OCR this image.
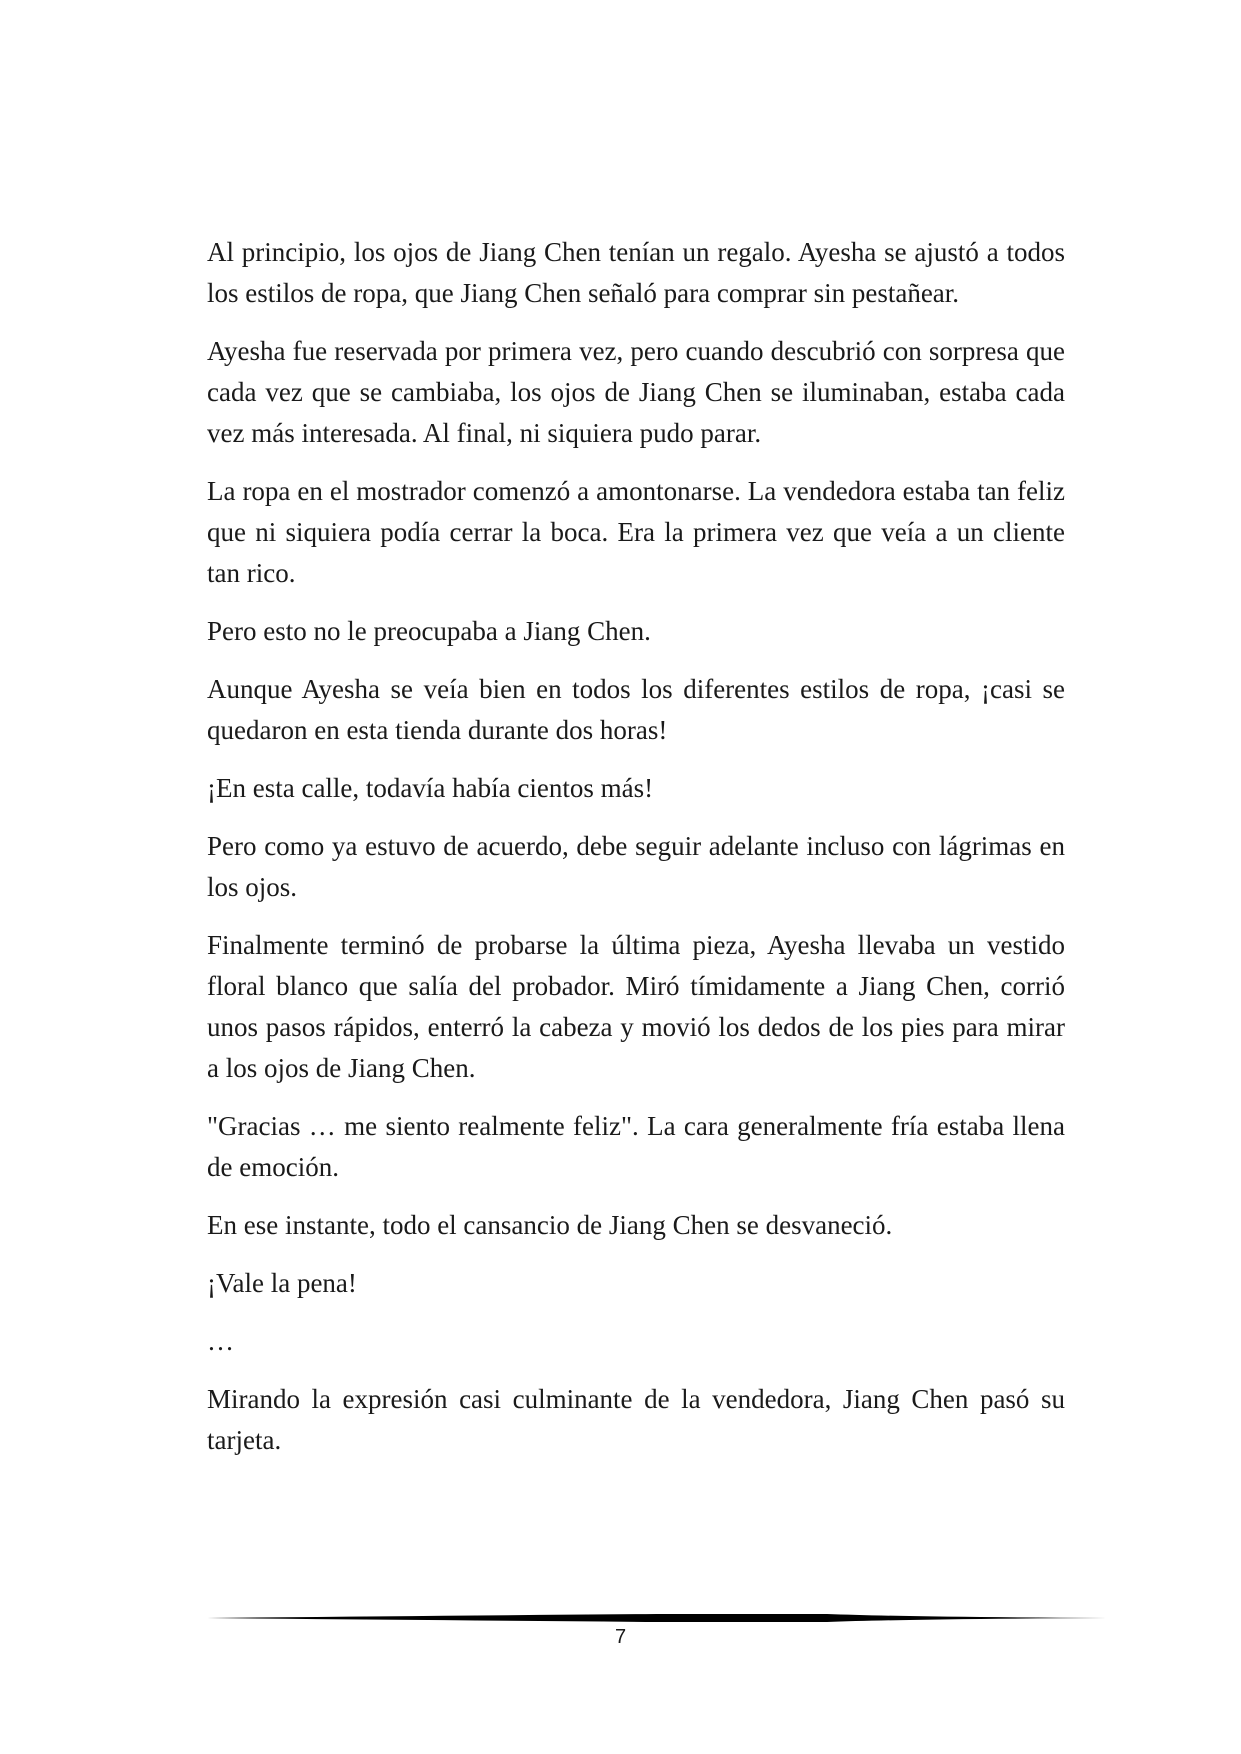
Al principio, los ojos de Jiang Chen tenían un regalo. Ayesha se ajustó a todos los estilos de ropa, que Jiang Chen señaló para comprar sin pestañear.

Ayesha fue reservada por primera vez, pero cuando descubrió con sorpresa que cada vez que se cambiaba, los ojos de Jiang Chen se iluminaban, estaba cada vez más interesada. Al final, ni siquiera pudo parar.

La ropa en el mostrador comenzó a amontonarse. La vendedora estaba tan feliz que ni siquiera podía cerrar la boca. Era la primera vez que veía a un cliente tan rico.

Pero esto no le preocupaba a Jiang Chen.

Aunque Ayesha se veía bien en todos los diferentes estilos de ropa, ¡casi se quedaron en esta tienda durante dos horas!

¡En esta calle, todavía había cientos más!

Pero como ya estuvo de acuerdo, debe seguir adelante incluso con lágrimas en los ojos.

Finalmente terminó de probarse la última pieza, Ayesha llevaba un vestido floral blanco que salía del probador. Miró tímidamente a Jiang Chen, corrió unos pasos rápidos, enterró la cabeza y movió los dedos de los pies para mirar a los ojos de Jiang Chen.

"Gracias … me siento realmente feliz". La cara generalmente fría estaba llena de emoción.

En ese instante, todo el cansancio de Jiang Chen se desvaneció.

¡Vale la pena!

…

Mirando la expresión casi culminante de la vendedora, Jiang Chen pasó su tarjeta.

7
